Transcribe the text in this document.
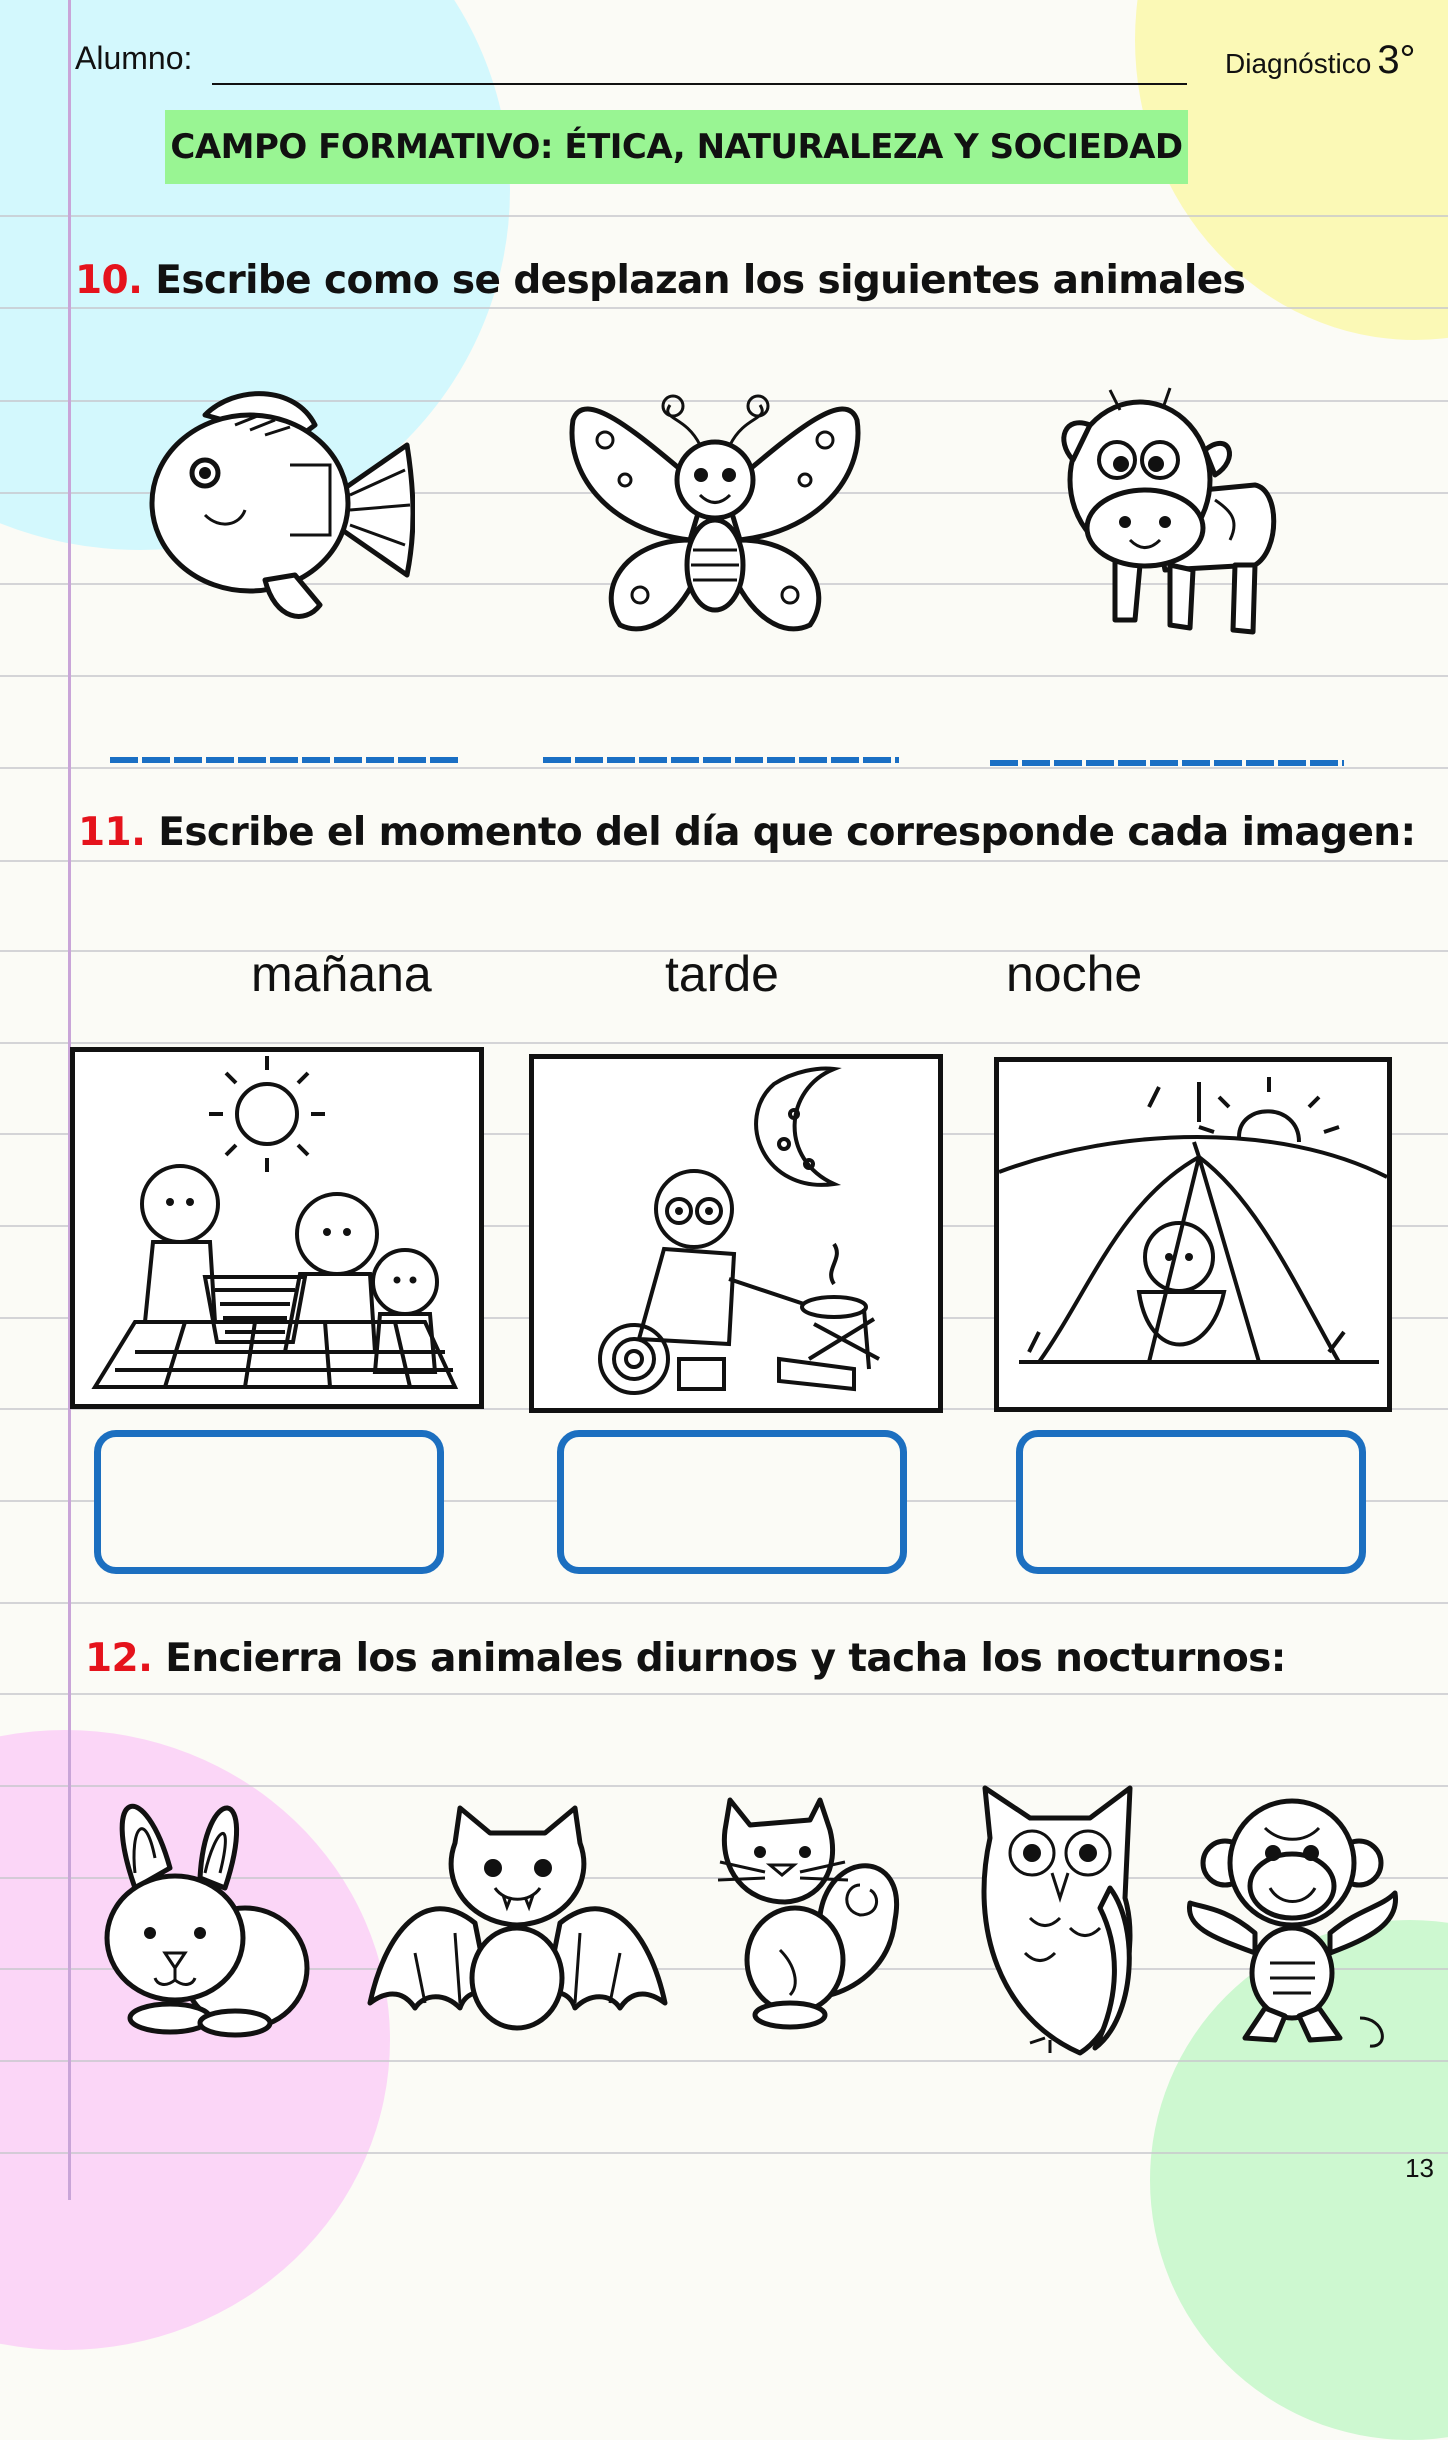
Alumno:	Diagnóstico 3°
CAMPO FORMATIVO: ÉTICA, NATURALEZA Y SOCIEDAD
10. Escribe como se desplazan los siguientes animales
11. Escribe el momento del día que corresponde cada imagen:
mañana	tarde	noche
12. Encierra los animales diurnos y tacha los nocturnos:
13
